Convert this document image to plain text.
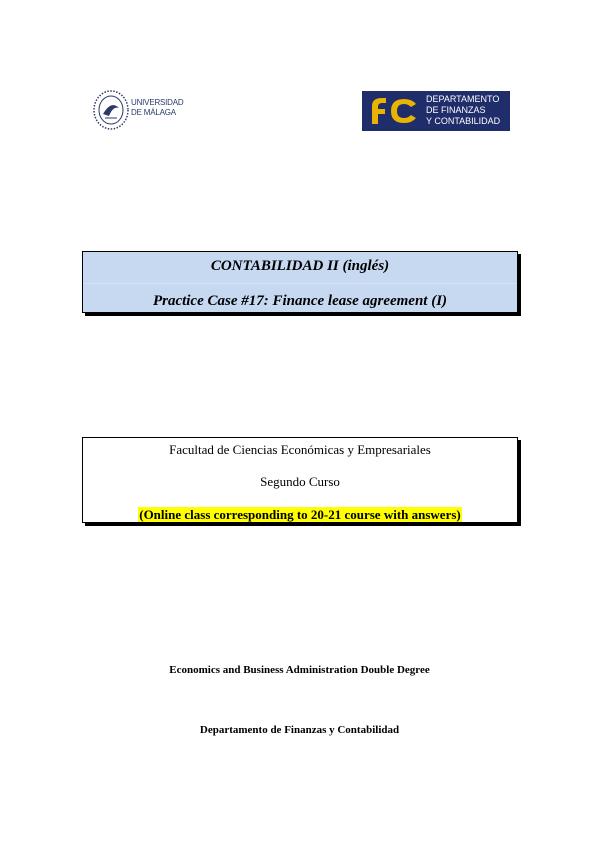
UNIVERSIDAD
DE MÁLAGA
DEPARTAMENTO
DE FINANZAS
Y CONTABILIDAD
CONTABILIDAD II (inglés)
Practice Case #17: Finance lease agreement (I)
Facultad de Ciencias Económicas y Empresariales
Segundo Curso
(Online class corresponding to 20-21 course with answers)
Economics and Business Administration Double Degree
Departamento de Finanzas y Contabilidad
